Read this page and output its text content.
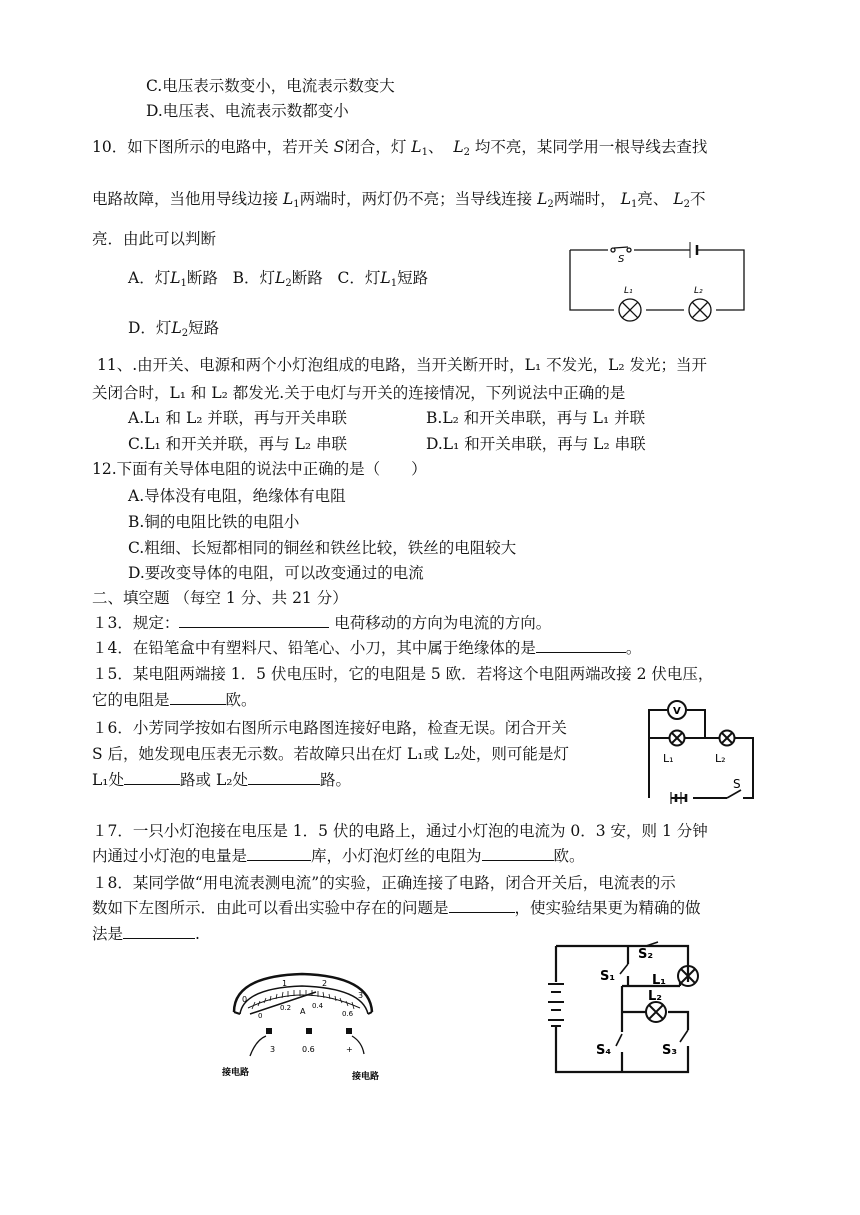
C.电压表示数变小，电流表示数变大
D.电压表、电流表示数都变小
10．如下图所示的电路中，若开关 S闭合，灯 $L_1$、 $L_2$ 均不亮，某同学用一根导线去查找
电路故障，当他用导线边接 $L_1$两端时，两灯仍不亮；当导线连接 $L_2$两端时， $L_1$亮、 $L_2$不
亮．由此可以判断
A．灯$L_1$断路 B．灯$L_2$断路 C．灯$L_1$短路
D．灯$L_2$短路
S
L₁	L₂
11、.由开关、电源和两个小灯泡组成的电路，当开关断开时，L₁ 不发光，L₂ 发光；当开
关闭合时，L₁ 和 L₂ 都发光.关于电灯与开关的连接情况，下列说法中正确的是
A.L₁ 和 L₂ 并联，再与开关串联	B.L₂ 和开关串联，再与 L₁ 并联
C.L₁ 和开关并联，再与 L₂ 串联	D.L₁ 和开关串联，再与 L₂ 串联
12.下面有关导体电阻的说法中正确的是（　　）
A.导体没有电阻，绝缘体有电阻
B.铜的电阻比铁的电阻小
C.粗细、长短都相同的铜丝和铁丝比较，铁丝的电阻较大
D.要改变导体的电阻，可以改变通过的电流
二、填空题 （每空 1 分、共 21 分）
１3．规定：	电荷移动的方向为电流的方向。
１4．在铅笔盒中有塑料尺、铅笔心、小刀，其中属于绝缘体的是	。
１5．某电阻两端接 1．5 伏电压时，它的电阻是 5 欧．若将这个电阻两端改接 2 伏电压，
它的电阻是	欧。
１6．小芳同学按如右图所示电路图连接好电路，检查无误。闭合开关
S 后，她发现电压表无示数。若故障只出在灯 L₁或 L₂处，则可能是灯
L₁处	路或 L₂处	路。
V
L₁	L₂
S
１7．一只小灯泡接在电压是 1．5 伏的电路上，通过小灯泡的电流为 0．3 安，则 1 分钟
内通过小灯泡的电量是	库，小灯泡灯丝的电阻为	欧。
１8．某同学做“用电流表测电流”的实验，正确连接了电路，闭合开关后，电流表的示
数如下左图所示．由此可以看出实验中存在的问题是	，使实验结果更为精确的做
法是	.
0
1	2
3
0
0.2	0.4
0.6
A
3	0.6	+
接电路	接电路
S₁
S₂
S₃
S₄
L₁
L₂
